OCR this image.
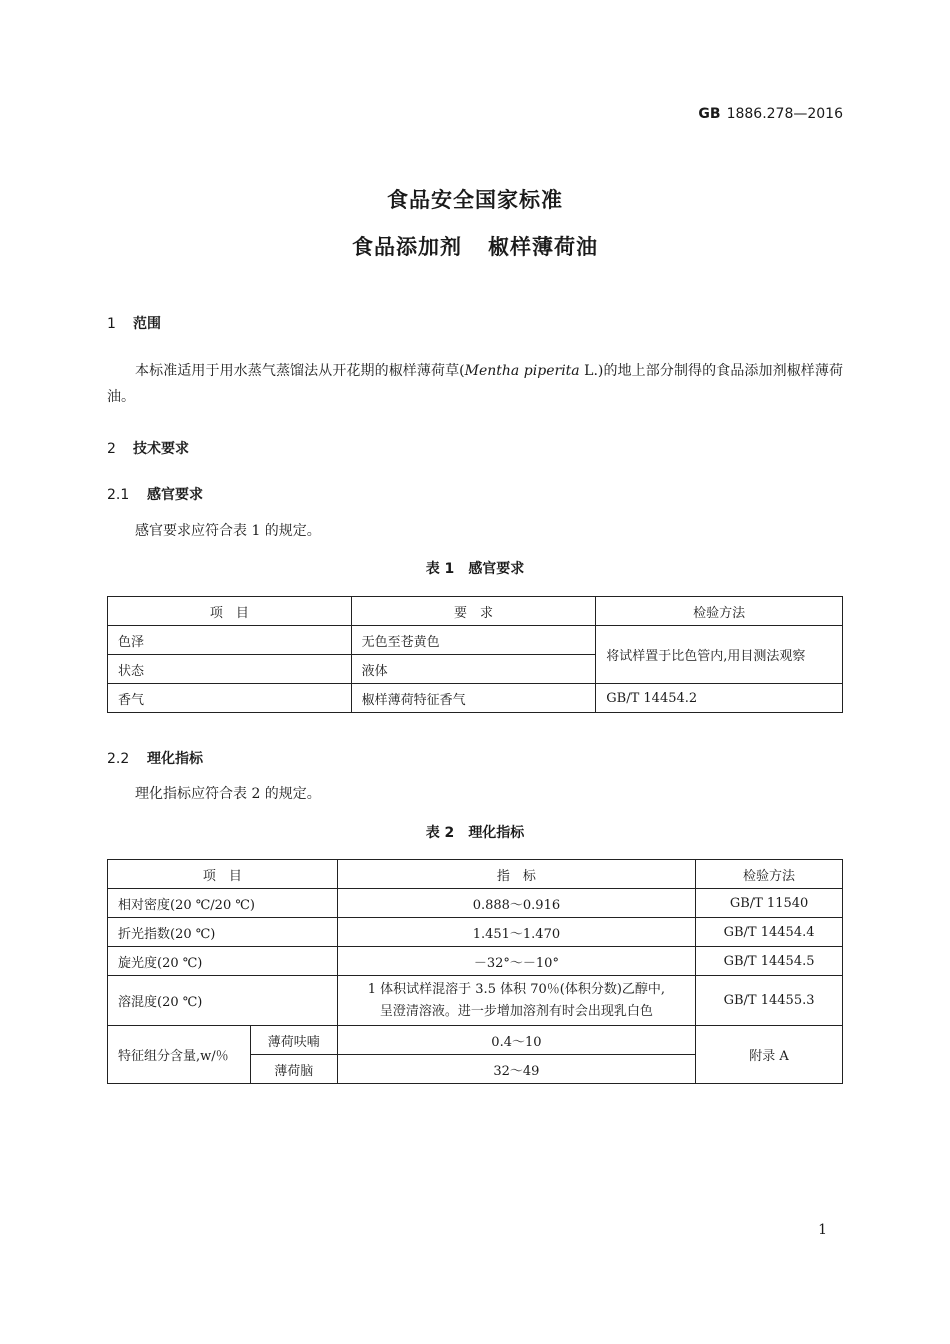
GB 1886.278—2016
食品安全国家标准
食品添加剂 椒样薄荷油
1 范围
本标准适用于用水蒸气蒸馏法从开花期的椒样薄荷草(Mentha piperita L.)的地上部分制得的食品添加剂椒样薄荷油。
2 技术要求
2.1 感官要求
感官要求应符合表 1 的规定。
表 1 感官要求
项　目	要　求	检验方法
色泽	无色至苍黄色	将试样置于比色管内,用目测法观察
状态	液体	
香气	椒样薄荷特征香气	GB/T 14454.2
2.2 理化指标
理化指标应符合表 2 的规定。
表 2 理化指标
项　目		指　标	检验方法
相对密度(20 ℃/20 ℃)		0.888～0.916	GB/T 11540
折光指数(20 ℃)		1.451～1.470	GB/T 14454.4
旋光度(20 ℃)		－32°～－10°	GB/T 14454.5
溶混度(20 ℃)		1 体积试样混溶于 3.5 体积 70％(体积分数)乙醇中,
呈澄清溶液。进一步增加溶剂有时会出现乳白色	GB/T 14455.3
特征组分含量,w/％	薄荷呋喃	0.4～10	附录 A
	薄荷脑	32～49	
1
